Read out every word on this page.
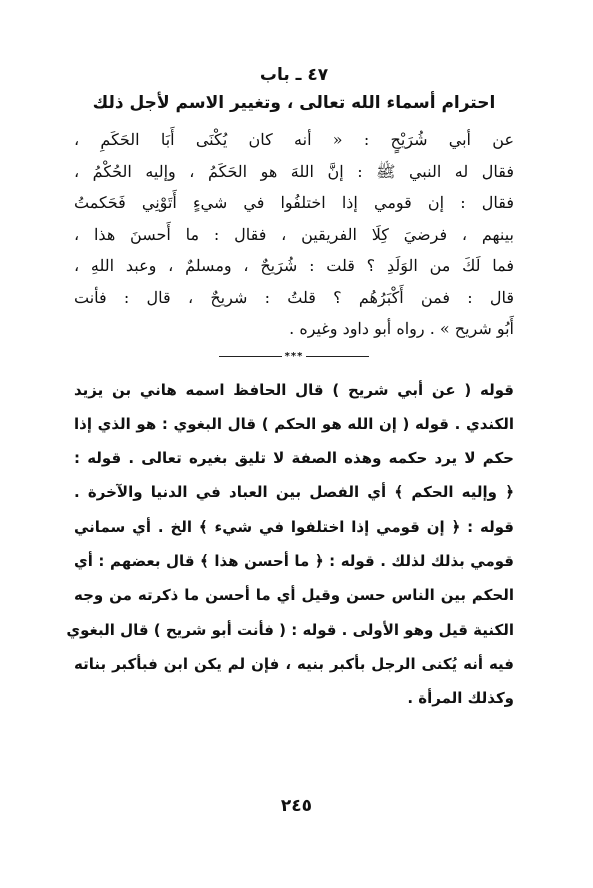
٤٧ ـ باب
احترام أسماء الله تعالى ، وتغيير الاسم لأجل ذلك
عن أبي شُرَيْحٍ : « أنه كان يُكْنَى أَبَا الحَكَمِ ،
فقال له النبي ﷺ : إنَّ اللهَ هو الحَكَمُ ، وإليه الحُكْمُ ،
فقال : إن قومي إذا اختلفُوا في شيءٍ أَتَوْنِي فَحَكمتُ
بينهم ، فرضيَ كِلَا الفريقين ، فقال : ما أَحسنَ هذا ،
فما لَكَ من الوَلَدِ ؟ قلت : شُرَيحٌ ، ومسلمٌ ، وعبد اللهِ ،
قال : فمن أَكْبَرُهُم ؟ قلتُ : شريحٌ ، قال : فأنت
أَبُو شريح » . رواه أبو داود وغيره .
***
قوله ( عن أبي شريح ) قال الحافظ اسمه هاني بن يزيد
الكندي . قوله ( إن الله هو الحكم ) قال البغوي : هو الذي إذا
حكم لا يرد حكمه وهذه الصفة لا تليق بغيره تعالى . قوله :
﴿ وإليه الحكم ﴾ أي الفصل بين العباد في الدنيا والآخرة .
قوله : ﴿ إن قومي إذا اختلفوا في شيء ﴾ الخ . أي سماني
قومي بذلك لذلك . قوله : ﴿ ما أحسن هذا ﴾ قال بعضهم : أي
الحكم بين الناس حسن وقيل أي ما أحسن ما ذكرته من وجه
الكنية قيل وهو الأولى . قوله : ( فأنت أبو شريح ) قال البغوي
فيه أنه يُكنى الرجل بأكبر بنيه ، فإن لم يكن ابن فبأكبر بناته
وكذلك المرأة .
٢٤٥
